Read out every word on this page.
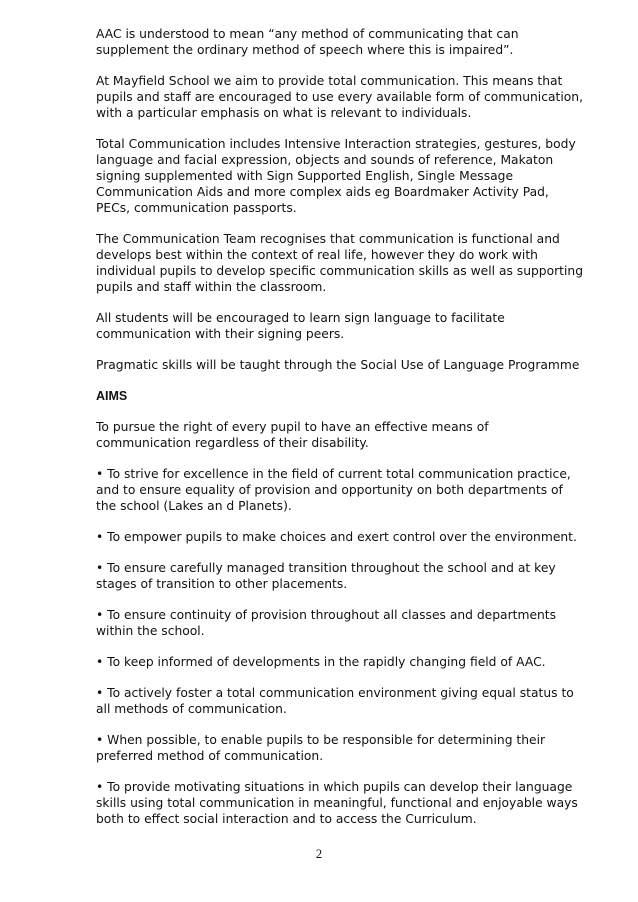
AAC is understood to mean “any method of communicating that can supplement the ordinary method of speech where this is impaired”.

At Mayfield School we aim to provide total communication. This means that pupils and staff are encouraged to use every available form of communication, with a particular emphasis on what is relevant to individuals.

Total Communication includes Intensive Interaction strategies, gestures, body language and facial expression, objects and sounds of reference, Makaton signing supplemented with Sign Supported English, Single Message Communication Aids and more complex aids eg Boardmaker Activity Pad, PECs, communication passports.

The Communication Team recognises that communication is functional and develops best within the context of real life, however they do work with individual pupils to develop specific communication skills as well as supporting pupils and staff within the classroom.

All students will be encouraged to learn sign language to facilitate communication with their signing peers.

Pragmatic skills will be taught through the Social Use of Language Programme

AIMS

To pursue the right of every pupil to have an effective means of communication regardless of their disability.

• To strive for excellence in the field of current total communication practice, and to ensure equality of provision and opportunity on both departments of the school (Lakes an d Planets).

• To empower pupils to make choices and exert control over the environment.

• To ensure carefully managed transition throughout the school and at key stages of transition to other placements.

• To ensure continuity of provision throughout all classes and departments within the school.

• To keep informed of developments in the rapidly changing field of AAC.

• To actively foster a total communication environment giving equal status to all methods of communication.

• When possible, to enable pupils to be responsible for determining their preferred method of communication.

• To provide motivating situations in which pupils can develop their language skills using total communication in meaningful, functional and enjoyable ways both to effect social interaction and to access the Curriculum.

2
